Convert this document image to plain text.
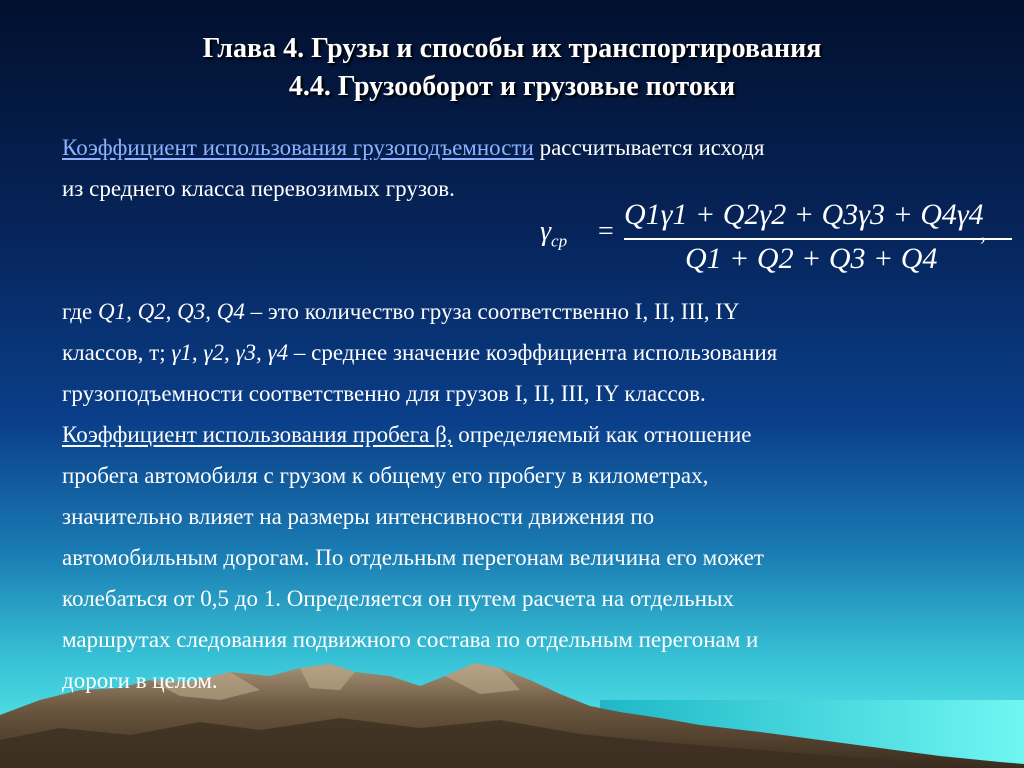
Глава 4. Грузы и способы их транспортирования
4.4. Грузооборот и грузовые потоки
Коэффициент использования грузоподъемности рассчитывается исходя
из среднего класса перевозимых грузов.
где Q1, Q2, Q3, Q4 – это количество груза соответственно I, II, III, IY
классов, т; γ1, γ2, γ3, γ4 – среднее значение коэффициента использования
грузоподъемности соответственно для грузов I, II, III, IY классов.
Коэффициент использования пробега β, определяемый как отношение
пробега автомобиля с грузом к общему его пробегу в километрах,
значительно влияет на размеры интенсивности движения по
автомобильным дорогам. По отдельным перегонам величина его может
колебаться от 0,5 до 1. Определяется он путем расчета на отдельных
маршрутах следования подвижного состава по отдельным перегонам и
дороги в целом.
$\gamma_{ср}$ =
Q1γ1 + Q2γ2 + Q3γ3 + Q4γ4
Q1 + Q2 + Q3 + Q4
,
